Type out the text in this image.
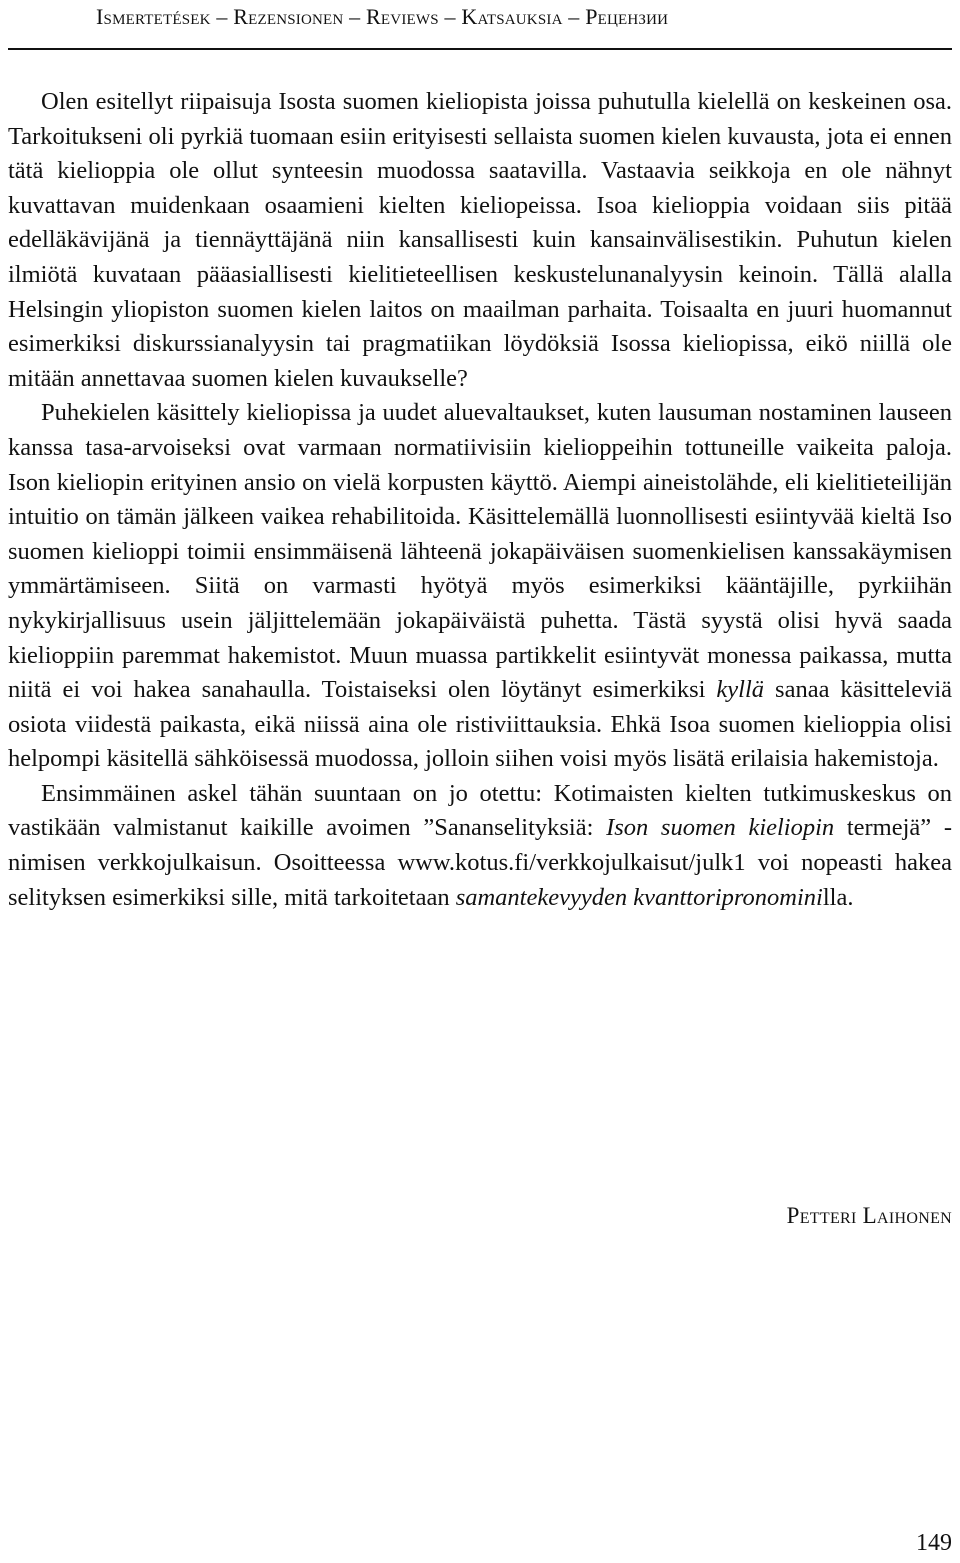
Ismertetések – Rezensionen – Reviews – Katsauksia – Рецензии

Olen esitellyt riipaisuja Isosta suomen kieliopista joissa puhutulla kielellä on keskeinen osa. Tarkoitukseni oli pyrkiä tuomaan esiin erityisesti sellaista suomen kielen kuvausta, jota ei ennen tätä kielioppia ole ollut synteesin muodossa saatavilla. Vastaavia seikkoja en ole nähnyt kuvattavan muidenkaan osaamieni kielten kieliopeissa. Isoa kielioppia voidaan siis pitää edelläkävijänä ja tiennäyttäjänä niin kansallisesti kuin kansainvälisestikin. Puhutun kielen ilmiötä kuvataan pääasiallisesti kielitieteellisen keskustelunanalyysin keinoin. Tällä alalla Helsingin yliopiston suomen kielen laitos on maailman parhaita. Toisaalta en juuri huomannut esimerkiksi diskurssianalyysin tai pragmatiikan löydöksiä Isossa kieliopissa, eikö niillä ole mitään annettavaa suomen kielen kuvaukselle?

Puhekielen käsittely kieliopissa ja uudet aluevaltaukset, kuten lausuman nostaminen lauseen kanssa tasa-arvoiseksi ovat varmaan normatiivisiin kielioppeihin tottuneille vaikeita paloja. Ison kieliopin erityinen ansio on vielä korpusten käyttö. Aiempi aineistolähde, eli kielitieteilijän intuitio on tämän jälkeen vaikea rehabilitoida. Käsittelemällä luonnollisesti esiintyvää kieltä Iso suomen kielioppi toimii ensimmäisenä lähteenä jokapäiväisen suomenkielisen kanssakäymisen ymmärtämiseen. Siitä on varmasti hyötyä myös esimerkiksi kääntäjille, pyrkiihän nykykirjallisuus usein jäljittelemään jokapäiväistä puhetta. Tästä syystä olisi hyvä saada kielioppiin paremmat hakemistot. Muun muassa partikkelit esiintyvät monessa paikassa, mutta niitä ei voi hakea sanahaulla. Toistaiseksi olen löytänyt esimerkiksi kyllä sanaa käsitteleviä osiota viidestä paikasta, eikä niissä aina ole ristiviittauksia. Ehkä Isoa suomen kielioppia olisi helpompi käsitellä sähköisessä muodossa, jolloin siihen voisi myös lisätä erilaisia hakemistoja.

Ensimmäinen askel tähän suuntaan on jo otettu: Kotimaisten kielten tutkimuskeskus on vastikään valmistanut kaikille avoimen ”Sananselityksiä: Ison suomen kieliopin termejä” -nimisen verkkojulkaisun. Osoitteessa www.kotus.fi/verkkojulkaisut/julk1 voi nopeasti hakea selityksen esimerkiksi sille, mitä tarkoitetaan samantekevyyden kvanttoripronominilla.

Petteri Laihonen
149
